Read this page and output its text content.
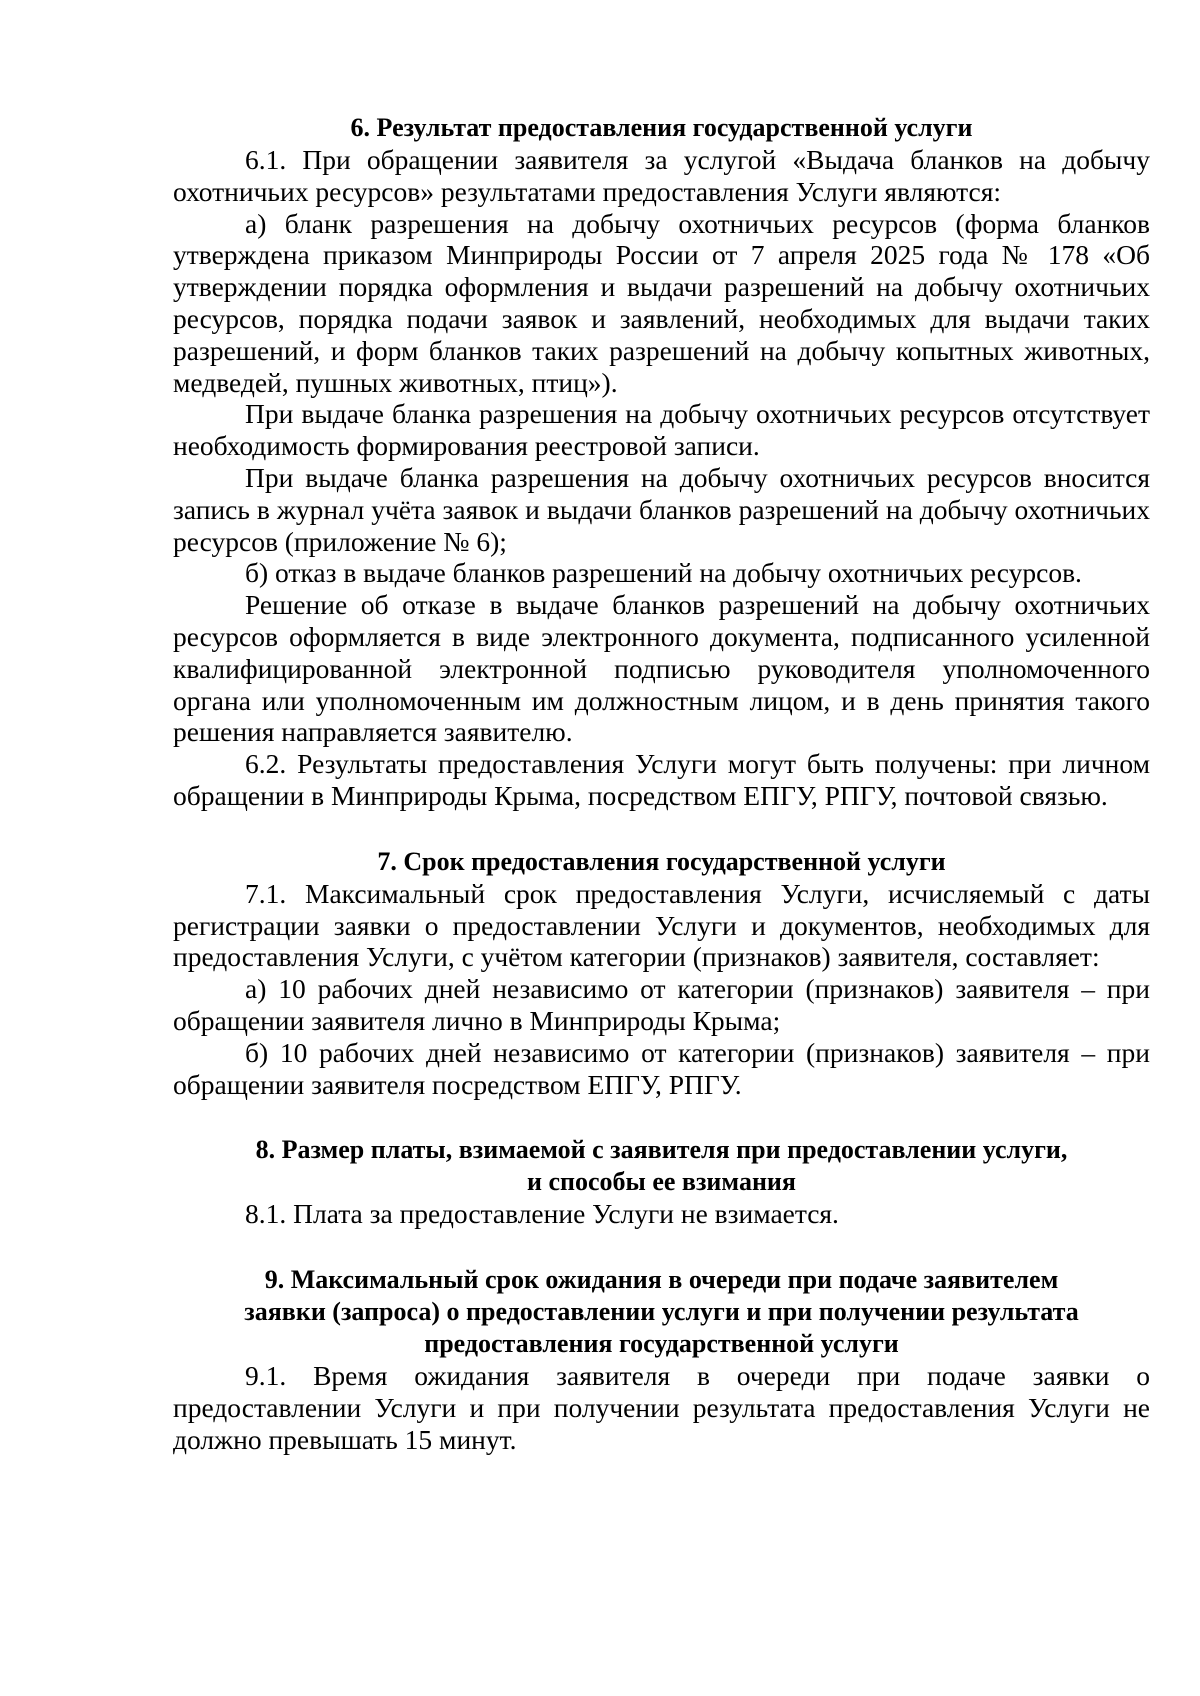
6. Результат предоставления государственной услуги

6.1. При обращении заявителя за услугой «Выдача бланков на добычу охотничьих ресурсов» результатами предоставления Услуги являются:

а) бланк разрешения на добычу охотничьих ресурсов (форма бланков утверждена приказом Минприроды России от 7 апреля 2025 года № 178 «Об утверждении порядка оформления и выдачи разрешений на добычу охотничьих ресурсов, порядка подачи заявок и заявлений, необходимых для выдачи таких разрешений, и форм бланков таких разрешений на добычу копытных животных, медведей, пушных животных, птиц»).

При выдаче бланка разрешения на добычу охотничьих ресурсов отсутствует необходимость формирования реестровой записи.

При выдаче бланка разрешения на добычу охотничьих ресурсов вносится запись в журнал учёта заявок и выдачи бланков разрешений на добычу охотничьих ресурсов (приложение № 6);

б) отказ в выдаче бланков разрешений на добычу охотничьих ресурсов.

Решение об отказе в выдаче бланков разрешений на добычу охотничьих ресурсов оформляется в виде электронного документа, подписанного усиленной квалифицированной электронной подписью руководителя уполномоченного органа или уполномоченным им должностным лицом, и в день принятия такого решения направляется заявителю.

6.2. Результаты предоставления Услуги могут быть получены: при личном обращении в Минприроды Крыма, посредством ЕПГУ, РПГУ, почтовой связью.

7. Срок предоставления государственной услуги

7.1. Максимальный срок предоставления Услуги, исчисляемый с даты регистрации заявки о предоставлении Услуги и документов, необходимых для предоставления Услуги, с учётом категории (признаков) заявителя, составляет:

а) 10 рабочих дней независимо от категории (признаков) заявителя – при обращении заявителя лично в Минприроды Крыма;

б) 10 рабочих дней независимо от категории (признаков) заявителя – при обращении заявителя посредством ЕПГУ, РПГУ.

8. Размер платы, взимаемой с заявителя при предоставлении услуги,
и способы ее взимания

8.1. Плата за предоставление Услуги не взимается.

9. Максимальный срок ожидания в очереди при подаче заявителем
заявки (запроса) о предоставлении услуги и при получении результата
предоставления государственной услуги

9.1. Время ожидания заявителя в очереди при подаче заявки о предоставлении Услуги и при получении результата предоставления Услуги не должно превышать 15 минут.
